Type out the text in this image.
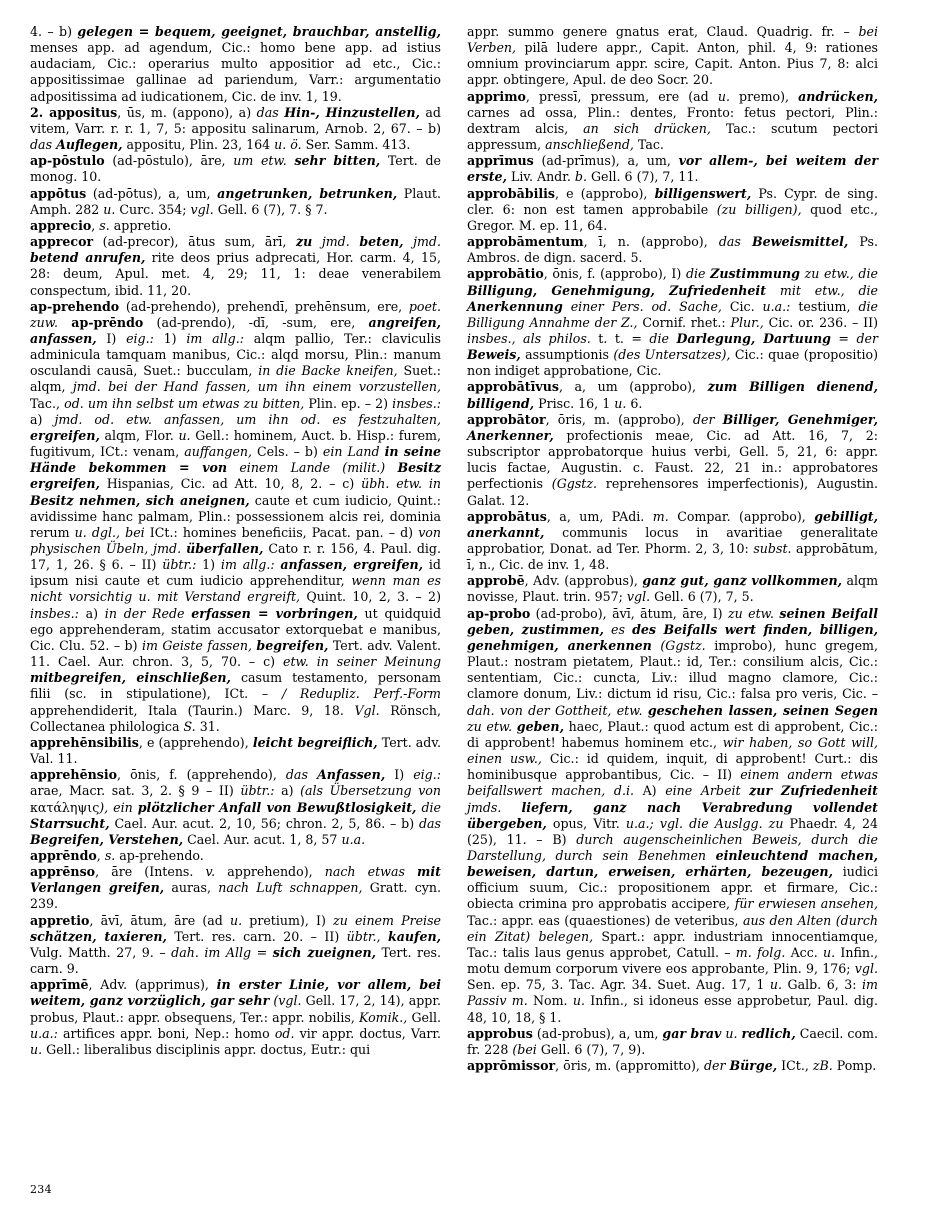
4. – b) gelegen = bequem, geeignet, brauchbar, anstellig, menses app. ad agendum, Cic.: homo bene app. ad istius audaciam, Cic.: operarius multo appositior ad etc., Cic.: appositissimae gallinae ad pariendum, Varr.: argumentatio adpositissima ad iudicationem, Cic. de inv. 1, 19.

2. appositus, ūs, m. (appono), a) das Hin-, Hinzustellen, ad vitem, Varr. r. r. 1, 7, 5: appositu salinarum, Arnob. 2, 67. – b) das Auflegen, appositu, Plin. 23, 164 u. ö. Ser. Samm. 413.

ap-pōstulo (ad-pōstulo), āre, um etw. sehr bitten, Tert. de monog. 10.

appōtus (ad-pōtus), a, um, angetrunken, betrunken, Plaut. Amph. 282 u. Curc. 354; vgl. Gell. 6 (7), 7. § 7.

apprecio, s. appretio.

apprecor (ad-precor), ātus sum, ārī, zu jmd. beten, jmd. betend anrufen, rite deos prius adprecati, Hor. carm. 4, 15, 28: deum, Apul. met. 4, 29; 11, 1: deae venerabilem conspectum, ibid. 11, 20.

ap-prehendo (ad-prehendo), prehendī, prehēnsum, ere, poet. zuw. ap-prēndo (ad-prendo), -dī, -sum, ere, angreifen, anfassen, I) eig.: 1) im allg.: alqm pallio, Ter.: claviculis adminicula tamquam manibus, Cic.: alqd morsu, Plin.: manum osculandi causā, Suet.: bucculam, in die Backe kneifen, Suet.: alqm, jmd. bei der Hand fassen, um ihn einem vorzustellen, Tac., od. um ihn selbst um etwas zu bitten, Plin. ep. – 2) insbes.: a) jmd. od. etw. anfassen, um ihn od. es festzuhalten, ergreifen, alqm, Flor. u. Gell.: hominem, Auct. b. Hisp.: furem, fugitivum, ICt.: venam, auffangen, Cels. – b) ein Land in seine Hände bekommen = von einem Lande (milit.) Besitz ergreifen, Hispanias, Cic. ad Att. 10, 8, 2. – c) übh. etw. in Besitz nehmen, sich aneignen, caute et cum iudicio, Quint.: avidissime hanc palmam, Plin.: possessionem alcis rei, dominia rerum u. dgl., bei ICt.: homines beneficiis, Pacat. pan. – d) von physischen Übeln, jmd. überfallen, Cato r. r. 156, 4. Paul. dig. 17, 1, 26. § 6. – II) übtr.: 1) im allg.: anfassen, ergreifen, id ipsum nisi caute et cum iudicio apprehenditur, wenn man es nicht vorsichtig u. mit Verstand ergreift, Quint. 10, 2, 3. – 2) insbes.: a) in der Rede erfassen = vorbringen, ut quidquid ego apprehenderam, statim accusator extorquebat e manibus, Cic. Clu. 52. – b) im Geiste fassen, begreifen, Tert. adv. Valent. 11. Cael. Aur. chron. 3, 5, 70. – c) etw. in seiner Meinung mitbegreifen, einschließen, casum testamento, personam filii (sc. in stipulatione), ICt. – / Redupliz. Perf.-Form apprehendiderit, Itala (Taurin.) Marc. 9, 18. Vgl. Rönsch, Collectanea philologica S. 31.

apprehēnsibilis, e (apprehendo), leicht begreiflich, Tert. adv. Val. 11.

apprehēnsio, ōnis, f. (apprehendo), das Anfassen, I) eig.: arae, Macr. sat. 3, 2. § 9 – II) übtr.: a) (als Übersetzung von κατάληψις), ein plötzlicher Anfall von Bewußtlosigkeit, die Starrsucht, Cael. Aur. acut. 2, 10, 56; chron. 2, 5, 86. – b) das Begreifen, Verstehen, Cael. Aur. acut. 1, 8, 57 u.a.

apprēndo, s. ap-prehendo.

apprēnso, āre (Intens. v. apprehendo), nach etwas mit Verlangen greifen, auras, nach Luft schnappen, Gratt. cyn. 239.

appretio, āvī, ātum, āre (ad u. pretium), I) zu einem Preise schätzen, taxieren, Tert. res. carn. 20. – II) übtr., kaufen, Vulg. Matth. 27, 9. – dah. im Allg = sich zueignen, Tert. res. carn. 9.

apprīmē, Adv. (apprimus), in erster Linie, vor allem, bei weitem, ganz vorzüglich, gar sehr (vgl. Gell. 17, 2, 14), appr. probus, Plaut.: appr. obsequens, Ter.: appr. nobilis, Komik., Gell. u.a.: artifices appr. boni, Nep.: homo od. vir appr. doctus, Varr. u. Gell.: liberalibus disciplinis appr. doctus, Eutr.: qui

appr. summo genere gnatus erat, Claud. Quadrig. fr. – bei Verben, pilā ludere appr., Capit. Anton, phil. 4, 9: rationes omnium provinciarum appr. scire, Capit. Anton. Pius 7, 8: alci appr. obtingere, Apul. de deo Socr. 20.

apprimo, pressī, pressum, ere (ad u. premo), andrücken, carnes ad ossa, Plin.: dentes, Fronto: fetus pectori, Plin.: dextram alcis, an sich drücken, Tac.: scutum pectori appressum, anschließend, Tac.

apprīmus (ad-prīmus), a, um, vor allem-, bei weitem der erste, Liv. Andr. b. Gell. 6 (7), 7, 11.

approbābilis, e (approbo), billigenswert, Ps. Cypr. de sing. cler. 6: non est tamen approbabile (zu billigen), quod etc., Gregor. M. ep. 11, 64.

approbāmentum, ī, n. (approbo), das Beweismittel, Ps. Ambros. de dign. sacerd. 5.

approbātio, ōnis, f. (approbo), I) die Zustimmung zu etw., die Billigung, Genehmigung, Zufriedenheit mit etw., die Anerkennung einer Pers. od. Sache, Cic. u.a.: testium, die Billigung Annahme der Z., Cornif. rhet.: Plur., Cic. or. 236. – II) insbes., als philos. t. t. = die Darlegung, Dartuung = der Beweis, assumptionis (des Untersatzes), Cic.: quae (propositio) non indiget approbatione, Cic.

approbātīvus, a, um (approbo), zum Billigen dienend, billigend, Prisc. 16, 1 u. 6.

approbātor, ōris, m. (approbo), der Billiger, Genehmiger, Anerkenner, profectionis meae, Cic. ad Att. 16, 7, 2: subscriptor approbatorque huius verbi, Gell. 5, 21, 6: appr. lucis factae, Augustin. c. Faust. 22, 21 in.: approbatores perfectionis (Ggstz. reprehensores imperfectionis), Augustin. Galat. 12.

approbātus, a, um, PAdi. m. Compar. (approbo), gebilligt, anerkannt, communis locus in avaritiae generalitate approbatior, Donat. ad Ter. Phorm. 2, 3, 10: subst. approbātum, ī, n., Cic. de inv. 1, 48.

approbē, Adv. (approbus), ganz gut, ganz vollkommen, alqm novisse, Plaut. trin. 957; vgl. Gell. 6 (7), 7, 5.

ap-probo (ad-probo), āvī, ātum, āre, I) zu etw. seinen Beifall geben, zustimmen, es des Beifalls wert finden, billigen, genehmigen, anerkennen (Ggstz. improbo), hunc gregem, Plaut.: nostram pietatem, Plaut.: id, Ter.: consilium alcis, Cic.: sententiam, Cic.: cuncta, Liv.: illud magno clamore, Cic.: clamore donum, Liv.: dictum id risu, Cic.: falsa pro veris, Cic. – dah. von der Gottheit, etw. geschehen lassen, seinen Segen zu etw. geben, haec, Plaut.: quod actum est di approbent, Cic.: di approbent! habemus hominem etc., wir haben, so Gott will, einen usw., Cic.: id quidem, inquit, di approbent! Curt.: dis hominibusque approbantibus, Cic. – II) einem andern etwas beifallswert machen, d.i. A) eine Arbeit zur Zufriedenheit jmds. liefern, ganz nach Verabredung vollendet übergeben, opus, Vitr. u.a.; vgl. die Auslgg. zu Phaedr. 4, 24 (25), 11. – B) durch augenscheinlichen Beweis, durch die Darstellung, durch sein Benehmen einleuchtend machen, beweisen, dartun, erweisen, erhärten, bezeugen, iudici officium suum, Cic.: propositionem appr. et firmare, Cic.: obiecta crimina pro approbatis accipere, für erwiesen ansehen, Tac.: appr. eas (quaestiones) de veteribus, aus den Alten (durch ein Zitat) belegen, Spart.: appr. industriam innocentiamque, Tac.: talis laus genus approbet, Catull. – m. folg. Acc. u. Infin., motu demum corporum vivere eos approbante, Plin. 9, 176; vgl. Sen. ep. 75, 3. Tac. Agr. 34. Suet. Aug. 17, 1 u. Galb. 6, 3: im Passiv m. Nom. u. Infin., si idoneus esse approbetur, Paul. dig. 48, 10, 18, § 1.

approbus (ad-probus), a, um, gar brav u. redlich, Caecil. com. fr. 228 (bei Gell. 6 (7), 7, 9).

apprōmissor, ōris, m. (appromitto), der Bürge, ICt., zB. Pomp.

234
